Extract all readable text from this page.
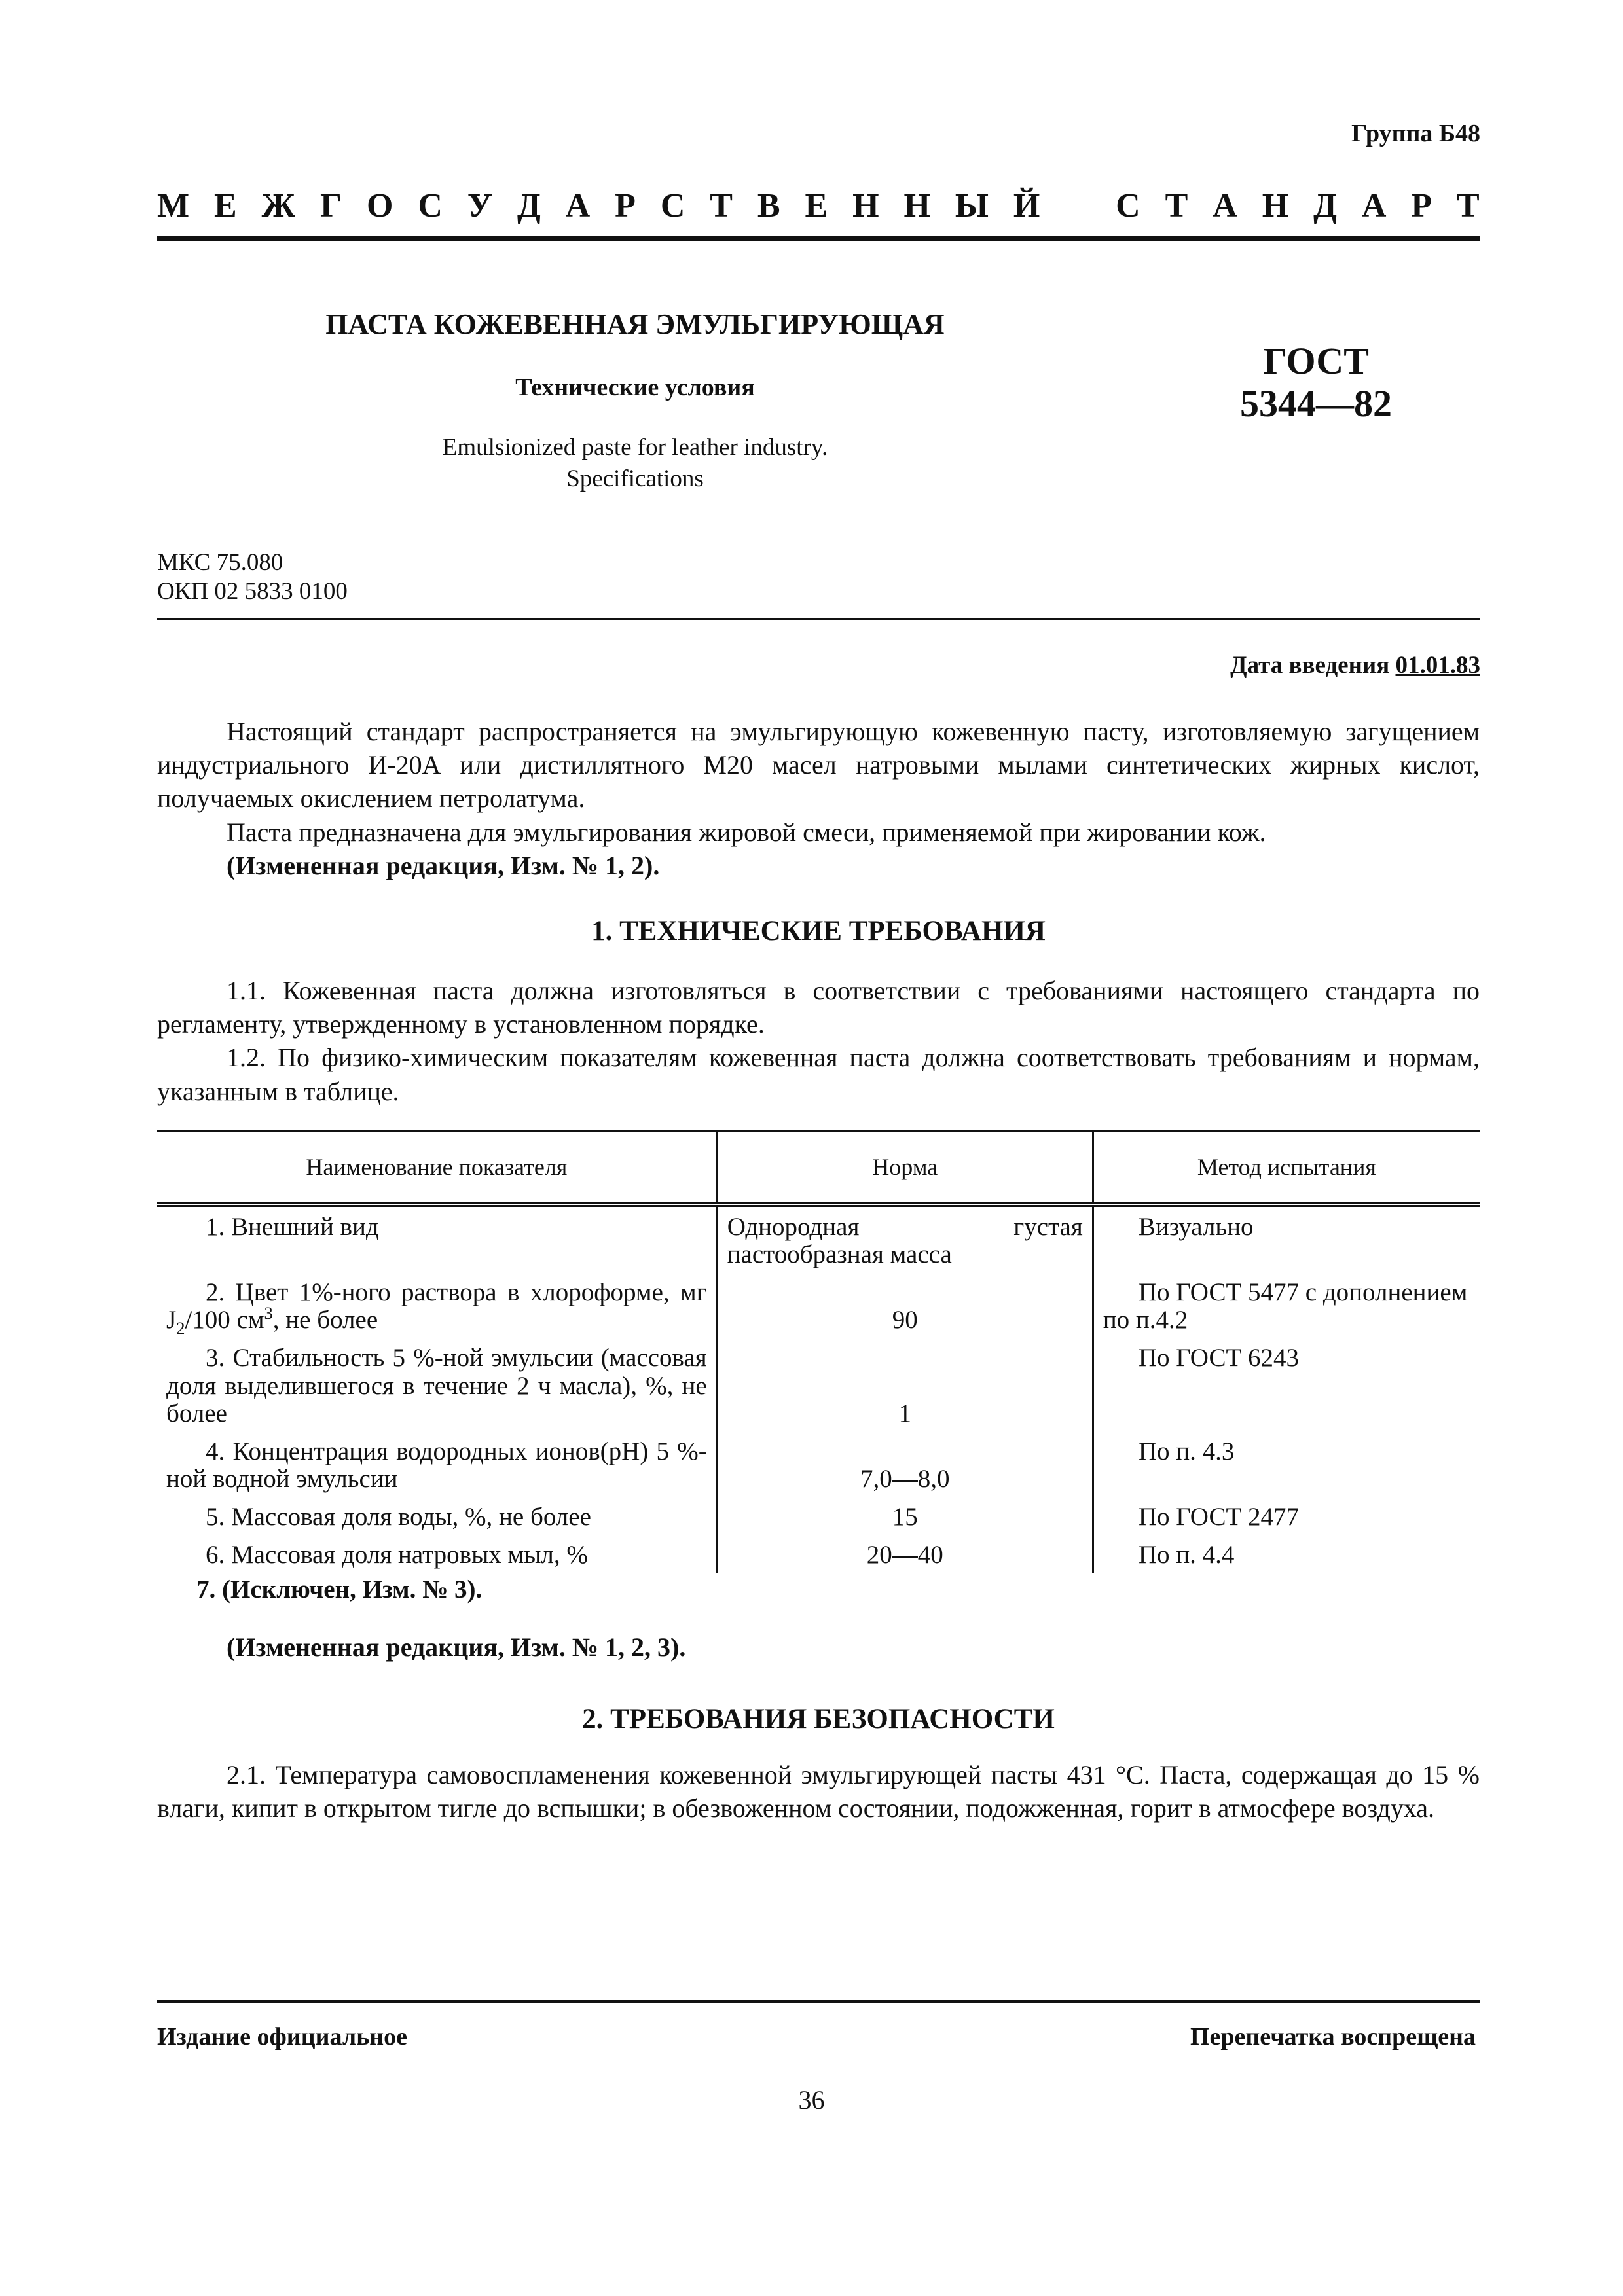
Группа Б48
М Е Ж Г О С У Д А Р С Т В Е Н Н Ы Й С Т А Н Д А Р Т
ПАСТА КОЖЕВЕННАЯ ЭМУЛЬГИРУЮЩАЯ
Технические условия
Emulsionized paste for leather industry.
Specifications
ГОСТ
5344—82
МКС 75.080
ОКП 02 5833 0100
Дата введения 01.01.83

Настоящий стандарт распространяется на эмульгирующую кожевенную пасту, изготовляемую загущением индустриального И-20А или дистиллятного М20 масел натровыми мылами синтетических жирных кислот, получаемых окислением петролатума.

Паста предназначена для эмульгирования жировой смеси, применяемой при жировании кож.

(Измененная редакция, Изм. № 1, 2).

1. ТЕХНИЧЕСКИЕ ТРЕБОВАНИЯ

1.1. Кожевенная паста должна изготовляться в соответствии с требованиями настоящего стандарта по регламенту, утвержденному в установленном порядке.

1.2. По физико-химическим показателям кожевенная паста должна соответствовать требованиям и нормам, указанным в таблице.

Наименование показателя	Норма	Метод испытания

1. Внешний вид	Однородная густая пастообразная масса	Визуально

2. Цвет 1%-ного раствора в хлороформе, мг $J_2/100$ $см^3$, не более	90	По ГОСТ 5477 с дополнением по п.4.2

3. Стабильность 5 %-ной эмульсии (массовая доля выделившегося в течение 2 ч масла), %, не более	1	По ГОСТ 6243

4. Концентрация водородных ионов(рН) 5 %-ной водной эмульсии	7,0—8,0	По п. 4.3

5. Массовая доля воды, %, не более	15	По ГОСТ 2477

6. Массовая доля натровых мыл, %	20—40	По п. 4.4
7. (Исключен, Изм. № 3).
(Измененная редакция, Изм. № 1, 2, 3).
2. ТРЕБОВАНИЯ БЕЗОПАСНОСТИ

2.1. Температура самовоспламенения кожевенной эмульгирующей пасты 431 °С. Паста, содержащая до 15 % влаги, кипит в открытом тигле до вспышки; в обезвоженном состоянии, подожженная, горит в атмосфере воздуха.

Издание официальное	Перепечатка воспрещена
36
